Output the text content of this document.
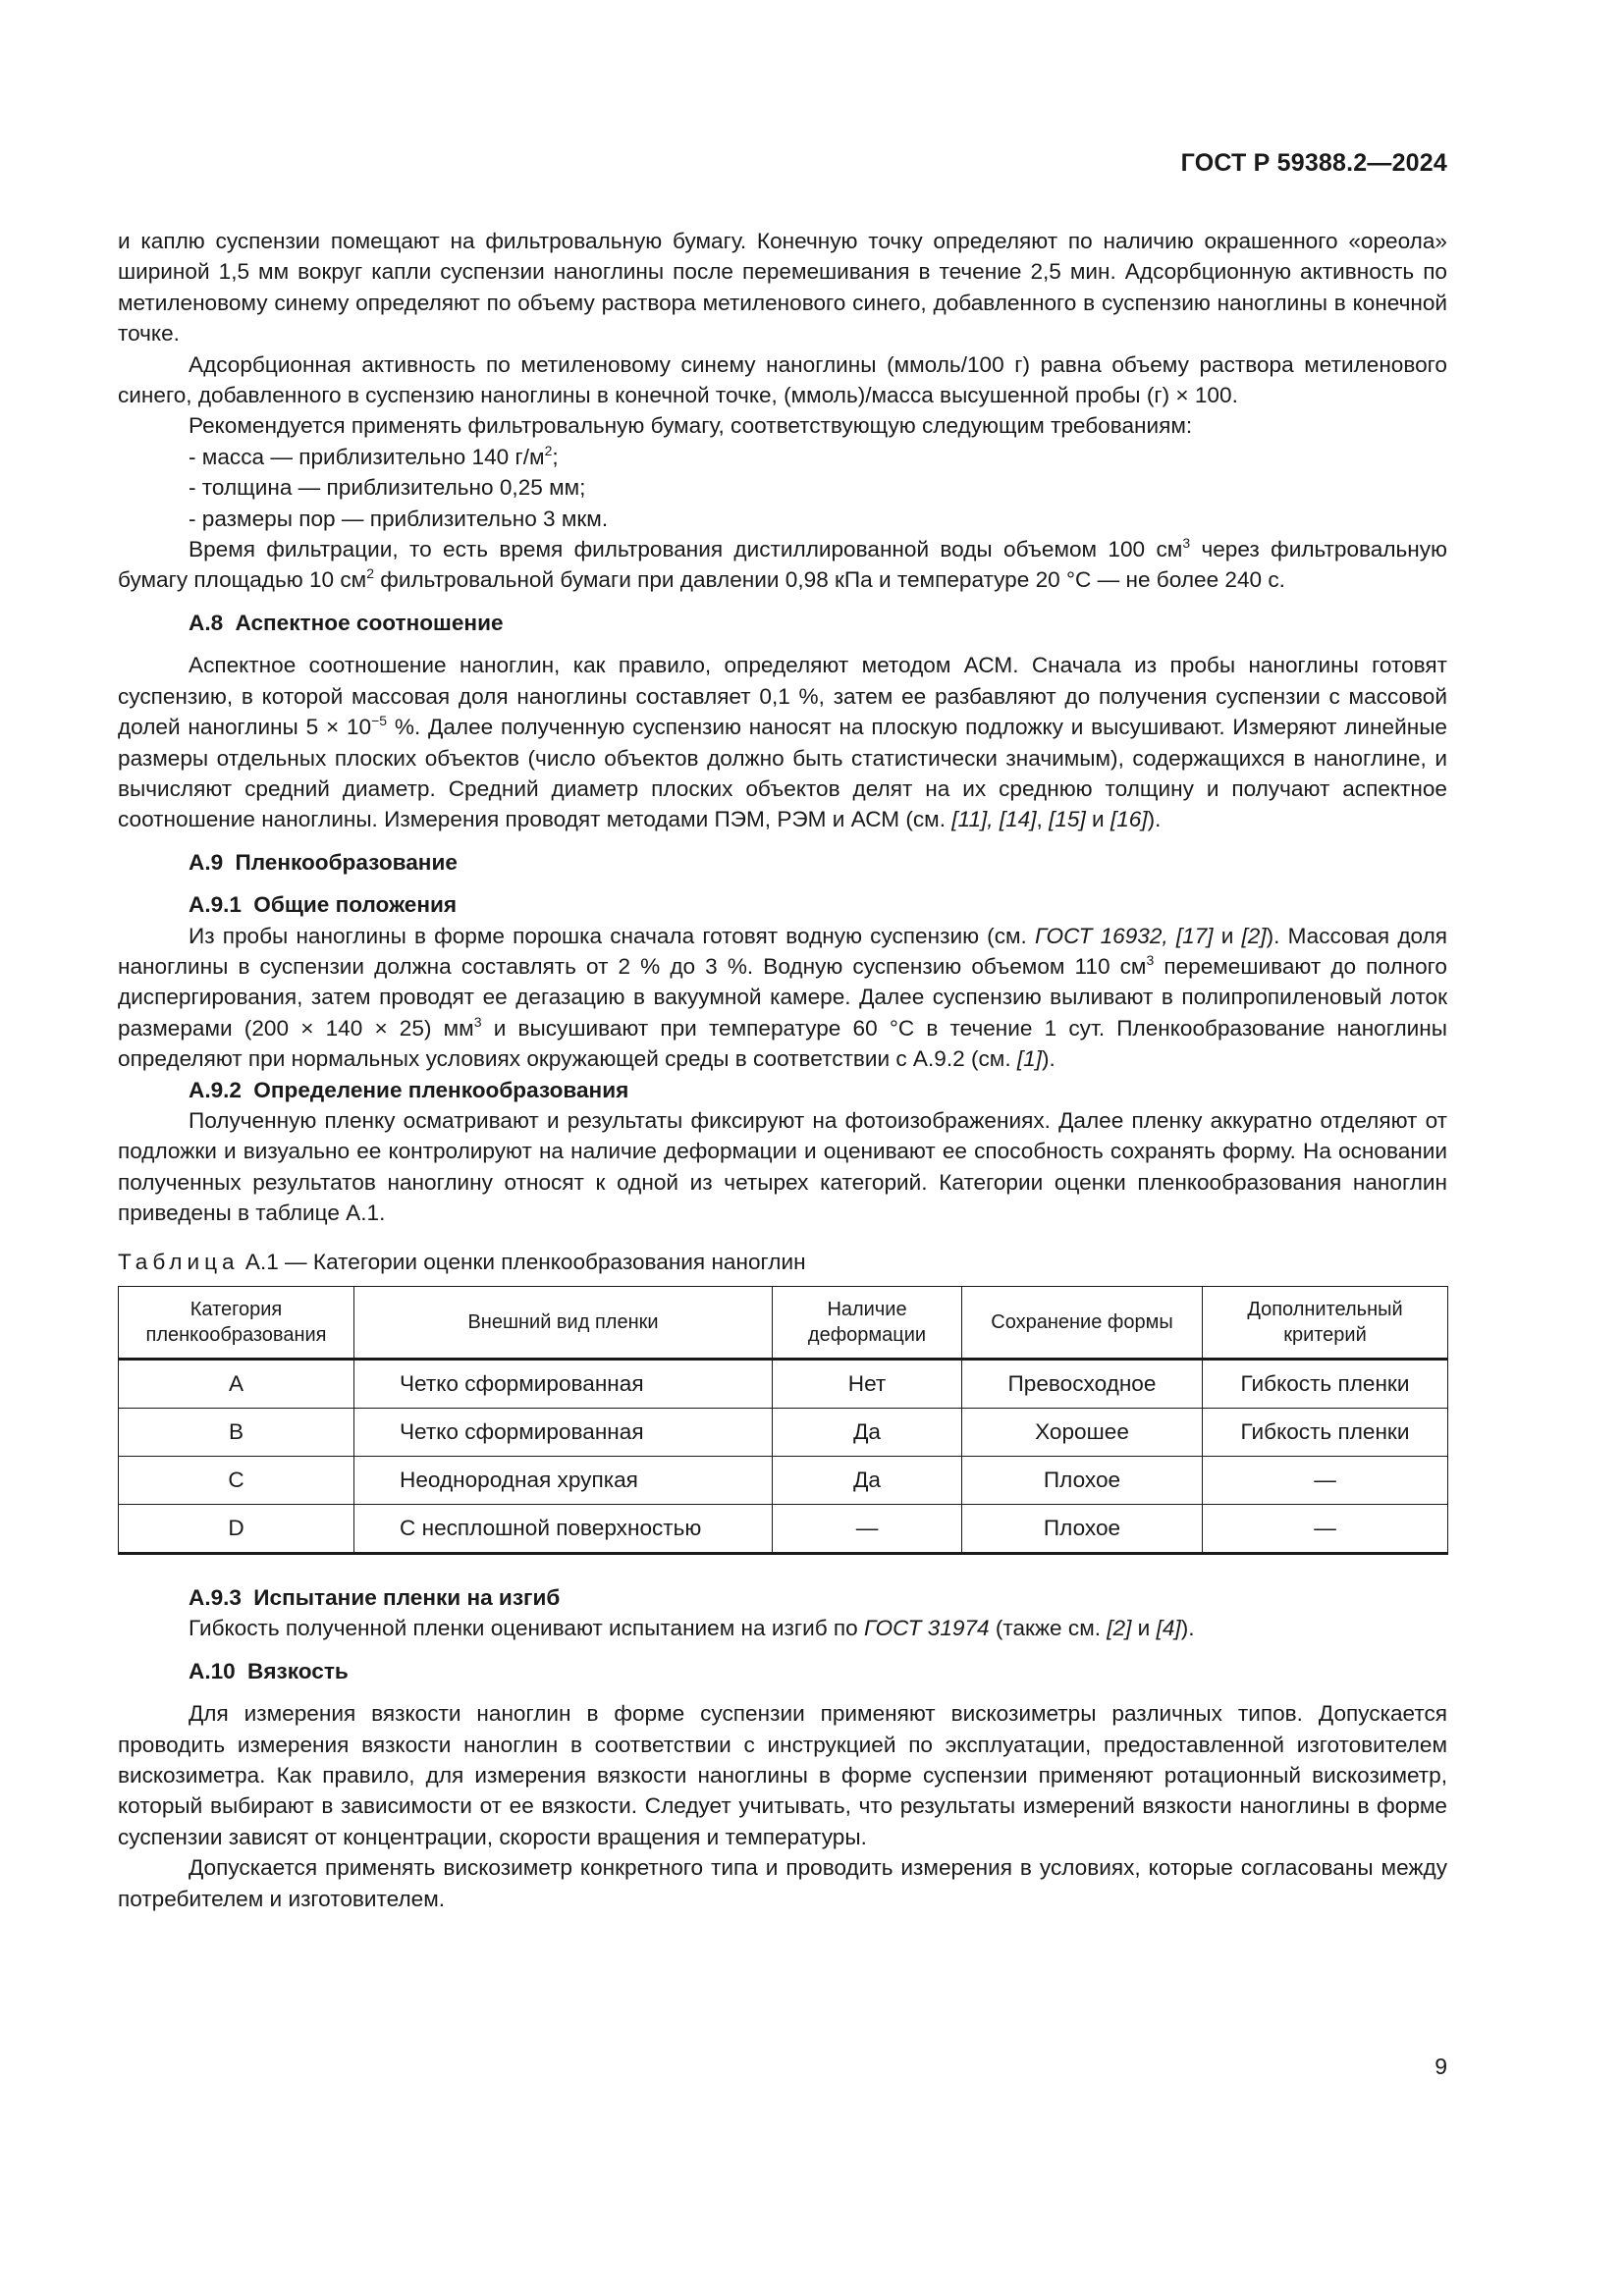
ГОСТ Р 59388.2—2024

и каплю суспензии помещают на фильтровальную бумагу. Конечную точку определяют по наличию окрашенного «ореола» шириной 1,5 мм вокруг капли суспензии наноглины после перемешивания в течение 2,5 мин. Адсорбционную активность по метиленовому синему определяют по объему раствора метиленового синего, добавленного в суспензию наноглины в конечной точке.

Адсорбционная активность по метиленовому синему наноглины (ммоль/100 г) равна объему раствора метиленового синего, добавленного в суспензию наноглины в конечной точке, (ммоль)/масса высушенной пробы (г) × 100.

Рекомендуется применять фильтровальную бумагу, соответствующую следующим требованиям:

- масса — приблизительно 140 $г/м^2$;

- толщина — приблизительно 0,25 мм;

- размеры пор — приблизительно 3 мкм.

Время фильтрации, то есть время фильтрования дистиллированной воды объемом 100 $см^3$ через фильтровальную бумагу площадью 10 $см^2$ фильтровальной бумаги при давлении 0,98 кПа и температуре 20 °С — не более 240 с.

А.8 Аспектное соотношение

Аспектное соотношение наноглин, как правило, определяют методом АСМ. Сначала из пробы наноглины готовят суспензию, в которой массовая доля наноглины составляет 0,1 %, затем ее разбавляют до получения суспензии с массовой долей наноглины $5 \times 10^{-5}$ %. Далее полученную суспензию наносят на плоскую подложку и высушивают. Измеряют линейные размеры отдельных плоских объектов (число объектов должно быть статистически значимым), содержащихся в наноглине, и вычисляют средний диаметр. Средний диаметр плоских объектов делят на их среднюю толщину и получают аспектное соотношение наноглины. Измерения проводят методами ПЭМ, РЭМ и АСМ (см. [11], [14], [15] и [16]).

А.9 Пленкообразование
А.9.1 Общие положения

Из пробы наноглины в форме порошка сначала готовят водную суспензию (см. ГОСТ 16932, [17] и [2]). Массовая доля наноглины в суспензии должна составлять от 2 % до 3 %. Водную суспензию объемом 110 $см^3$ перемешивают до полного диспергирования, затем проводят ее дегазацию в вакуумной камере. Далее суспензию выливают в полипропиленовый лоток размерами (200 × 140 × 25) $мм^3$ и высушивают при температуре 60 °С в течение 1 сут. Пленкообразование наноглины определяют при нормальных условиях окружающей среды в соответствии с А.9.2 (см. [1]).

А.9.2 Определение пленкообразования

Полученную пленку осматривают и результаты фиксируют на фотоизображениях. Далее пленку аккуратно отделяют от подложки и визуально ее контролируют на наличие деформации и оценивают ее способность сохранять форму. На основании полученных результатов наноглину относят к одной из четырех категорий. Категории оценки пленкообразования наноглин приведены в таблице А.1.

Таблица А.1 — Категории оценки пленкообразования наноглин
Категория пленкообразования	Внешний вид пленки	Наличие деформации	Сохранение формы	Дополнительный критерий
A	Четко сформированная	Нет	Превосходное	Гибкость пленки
B	Четко сформированная	Да	Хорошее	Гибкость пленки
C	Неоднородная хрупкая	Да	Плохое	—
D	С несплошной поверхностью	—	Плохое	—
А.9.3 Испытание пленки на изгиб

Гибкость полученной пленки оценивают испытанием на изгиб по ГОСТ 31974 (также см. [2] и [4]).

А.10 Вязкость

Для измерения вязкости наноглин в форме суспензии применяют вискозиметры различных типов. Допускается проводить измерения вязкости наноглин в соответствии с инструкцией по эксплуатации, предоставленной изготовителем вискозиметра. Как правило, для измерения вязкости наноглины в форме суспензии применяют ротационный вискозиметр, который выбирают в зависимости от ее вязкости. Следует учитывать, что результаты измерений вязкости наноглины в форме суспензии зависят от концентрации, скорости вращения и температуры.

Допускается применять вискозиметр конкретного типа и проводить измерения в условиях, которые согласованы между потребителем и изготовителем.

9
